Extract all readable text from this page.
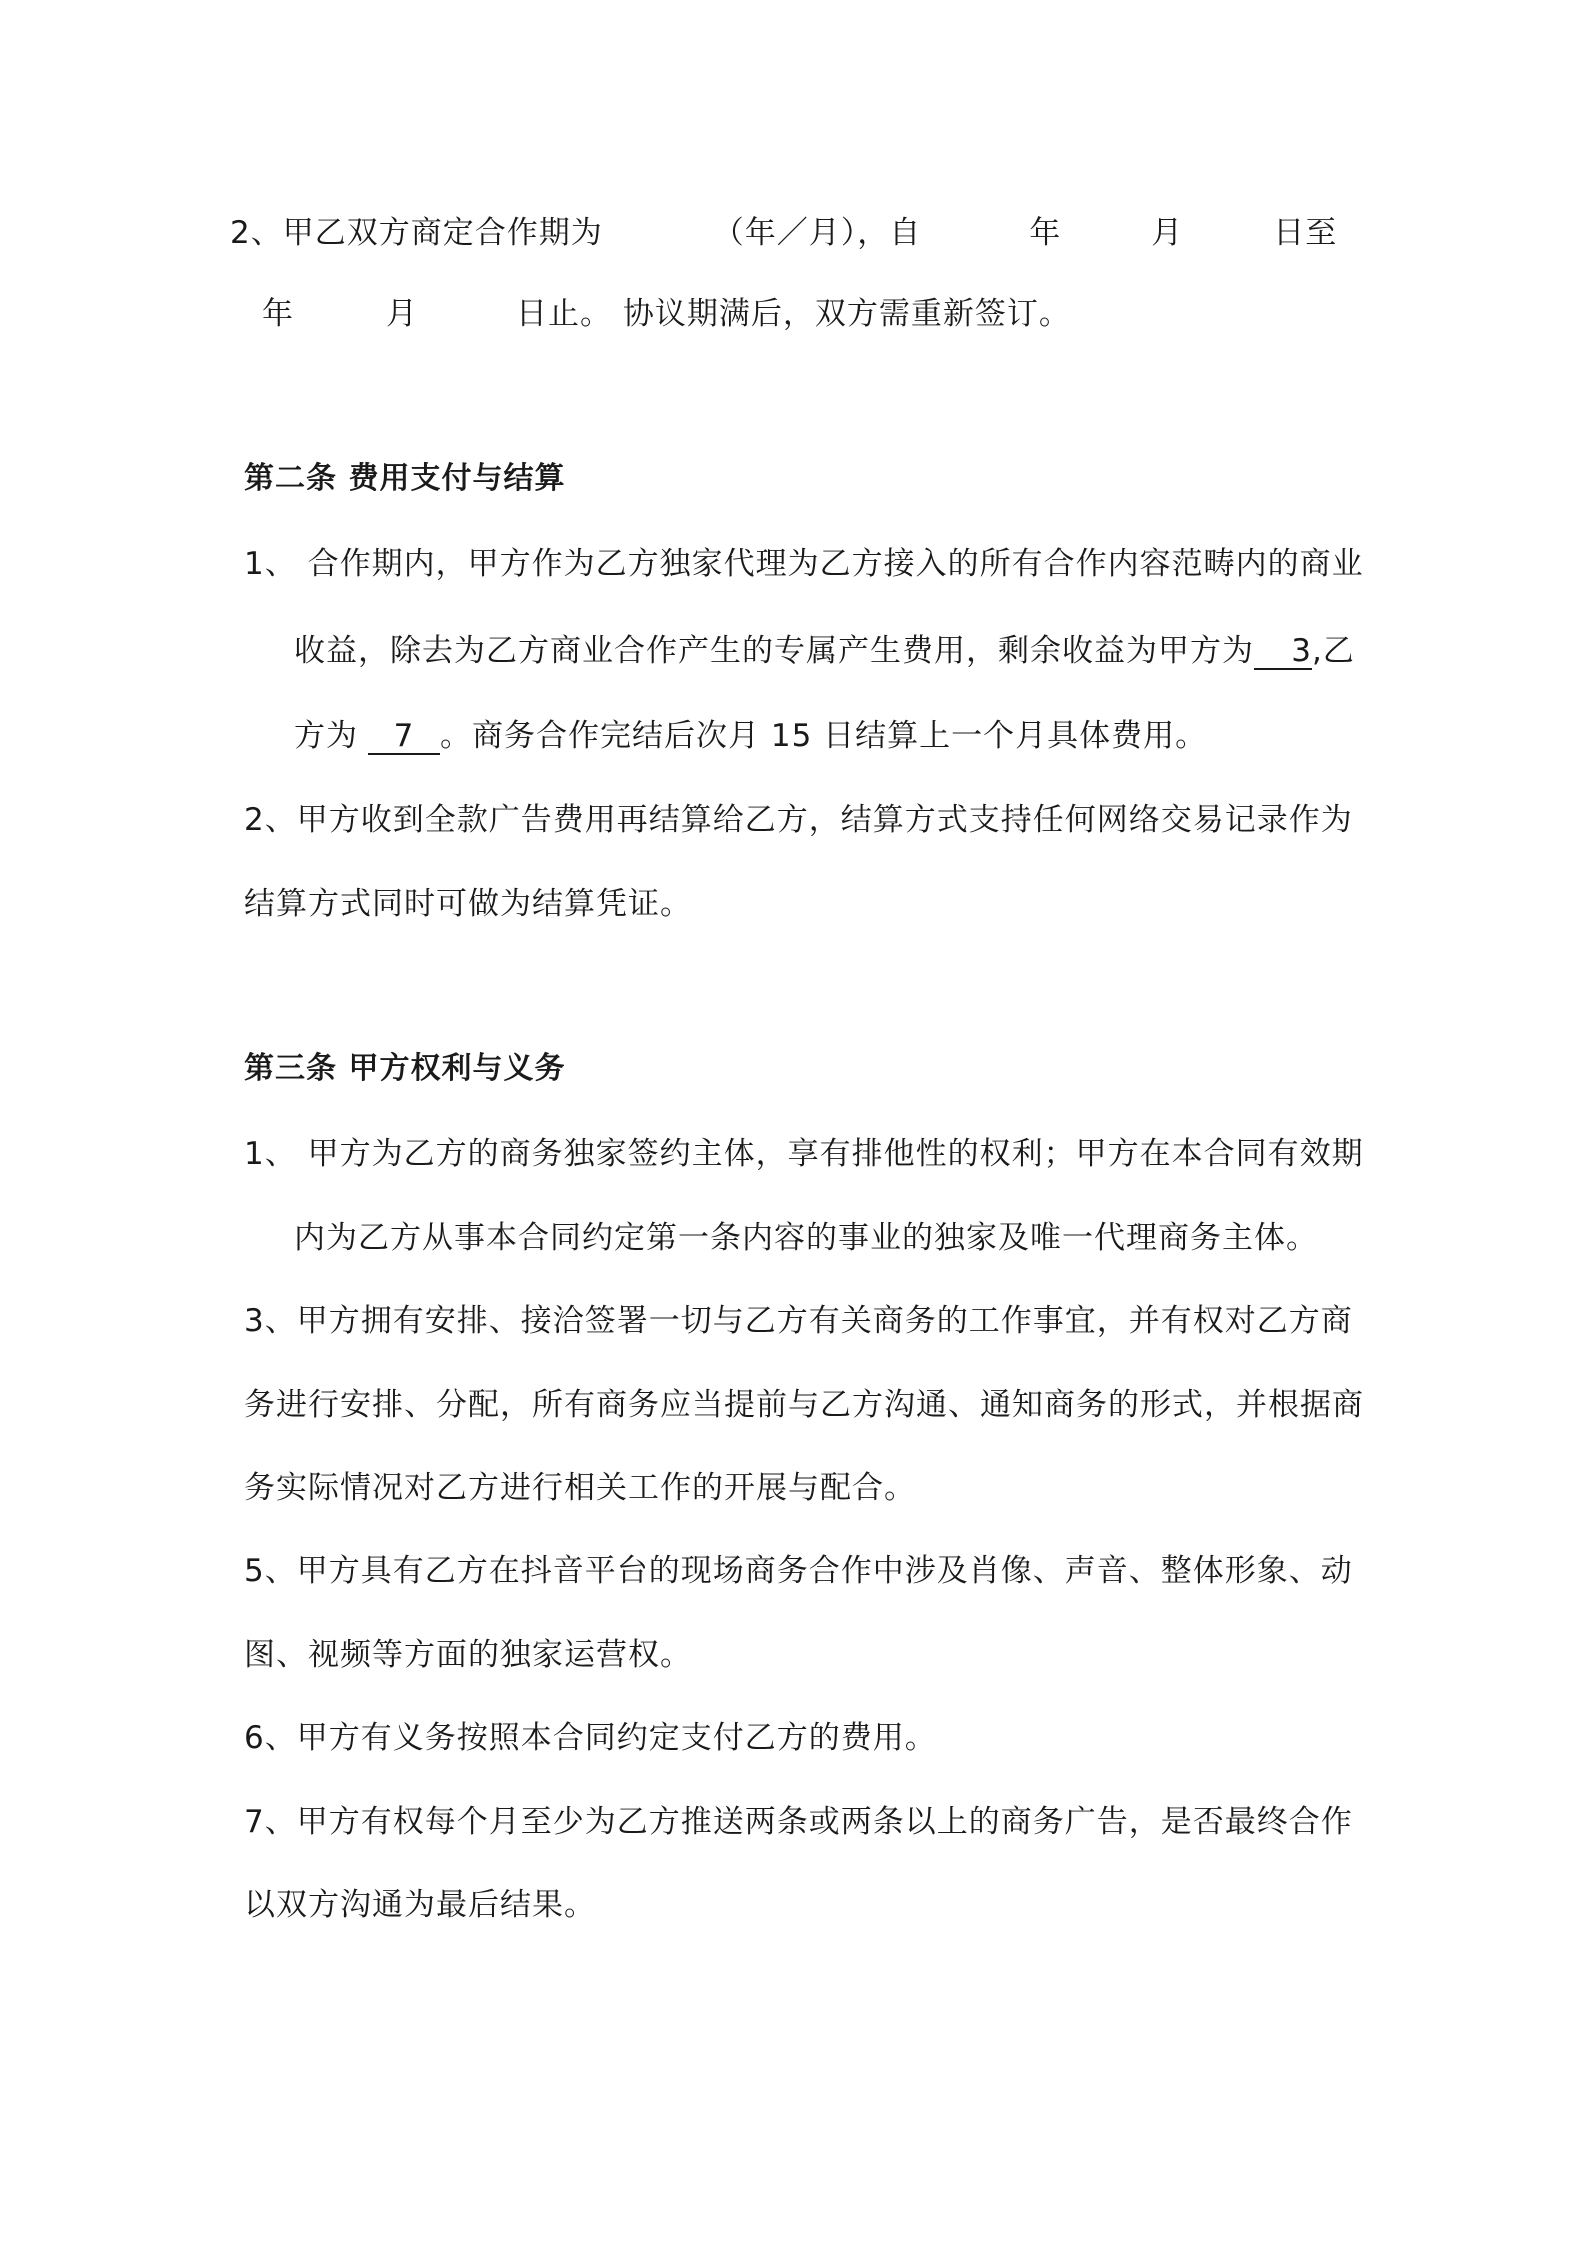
2、甲乙双方商定合作期为	（年／月），自	年	月	日至
年	月	日止。 协议期满后，双方需重新签订。
第二条 费用支付与结算
1、 合作期内，甲方作为乙方独家代理为乙方接入的所有合作内容范畴内的商业
收益，除去为乙方商业合作产生的专属产生费用，剩余收益为甲方为 3,乙
方为 7 。商务合作完结后次月 15 日结算上一个月具体费用。
2、甲方收到全款广告费用再结算给乙方，结算方式支持任何网络交易记录作为
结算方式同时可做为结算凭证。
第三条 甲方权利与义务
1、 甲方为乙方的商务独家签约主体，享有排他性的权利；甲方在本合同有效期
内为乙方从事本合同约定第一条内容的事业的独家及唯一代理商务主体。
3、甲方拥有安排、接洽签署一切与乙方有关商务的工作事宜，并有权对乙方商
务进行安排、分配，所有商务应当提前与乙方沟通、通知商务的形式，并根据商
务实际情况对乙方进行相关工作的开展与配合。
5、甲方具有乙方在抖音平台的现场商务合作中涉及肖像、声音、整体形象、动
图、视频等方面的独家运营权。
6、甲方有义务按照本合同约定支付乙方的费用。
7、甲方有权每个月至少为乙方推送两条或两条以上的商务广告，是否最终合作
以双方沟通为最后结果。
